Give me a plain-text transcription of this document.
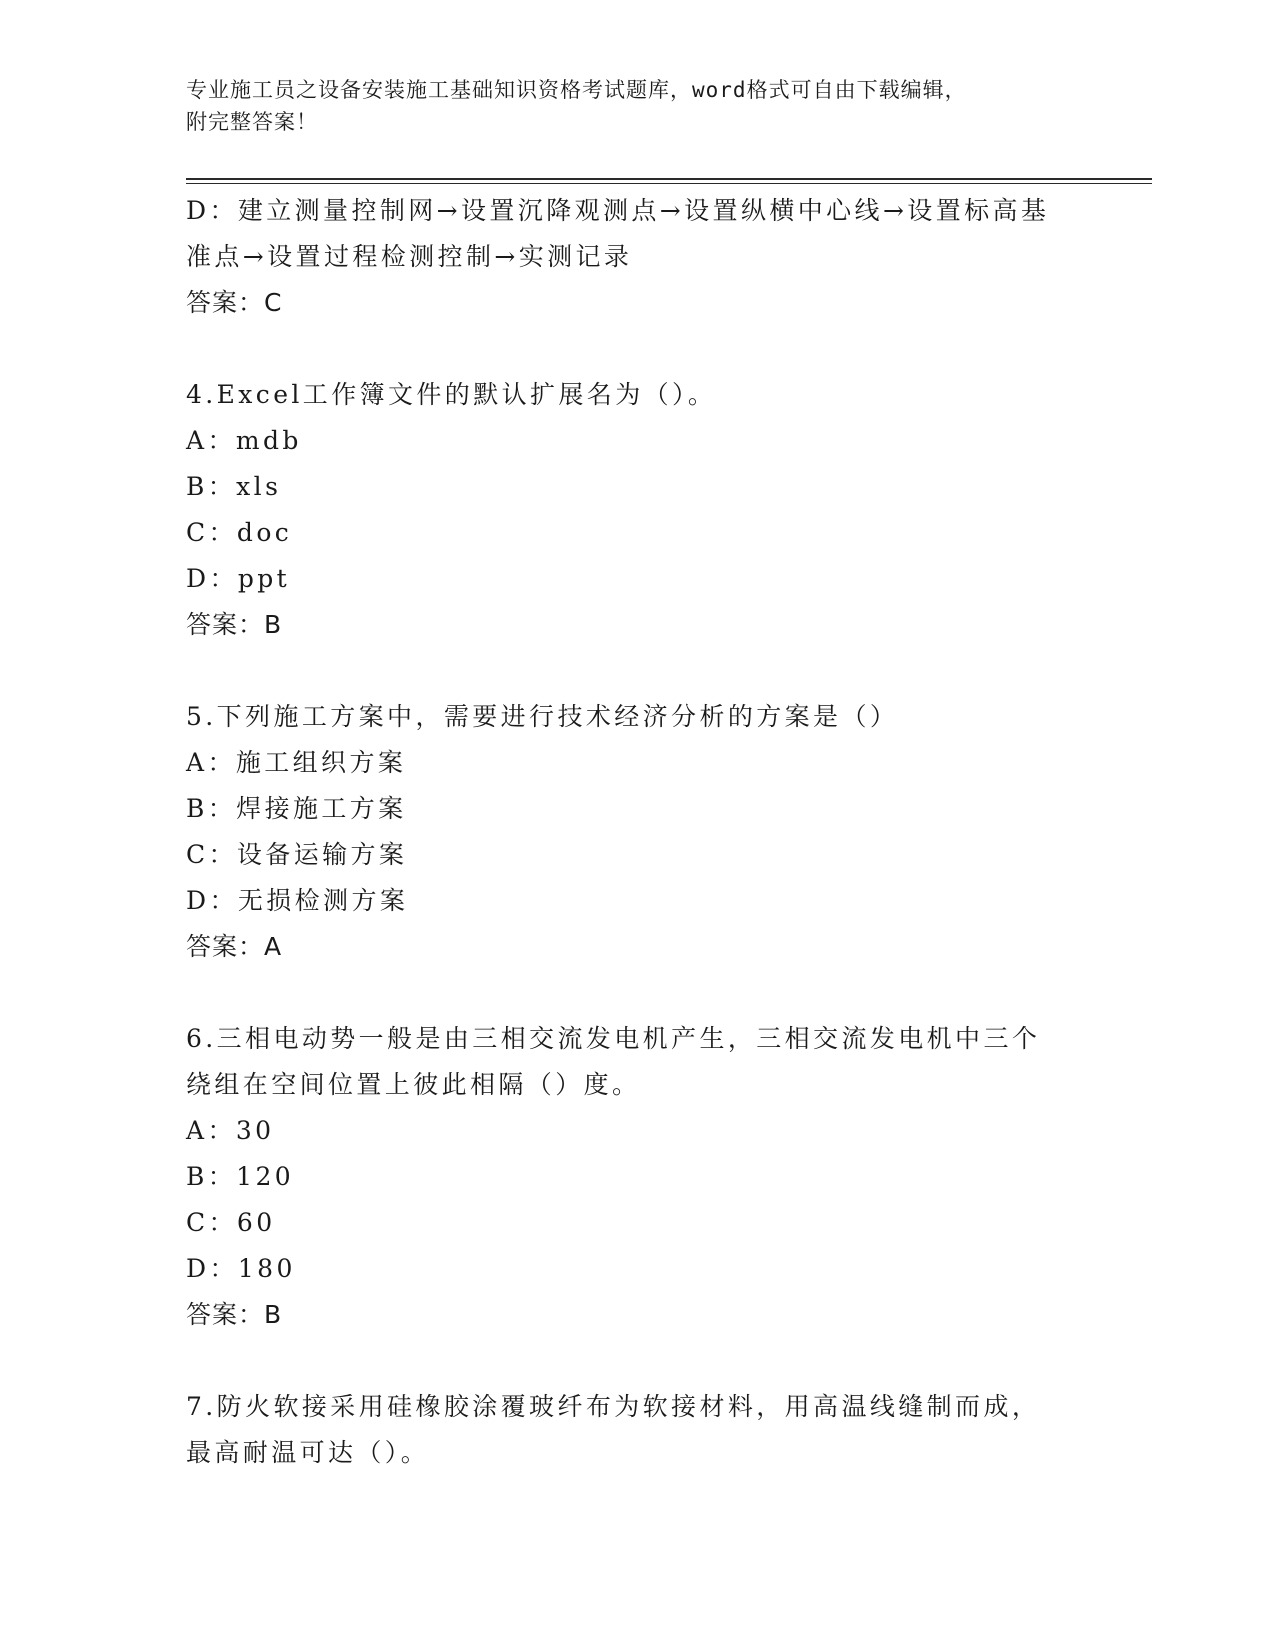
专业施工员之设备安装施工基础知识资格考试题库，word格式可自由下载编辑，
附完整答案！
D：建立测量控制网→设置沉降观测点→设置纵横中心线→设置标高基
准点→设置过程检测控制→实测记录
答案：C
4.Excel工作簿文件的默认扩展名为（）。
A：mdb
B：xls
C：doc
D：ppt
答案：B
5.下列施工方案中，需要进行技术经济分析的方案是（）
A：施工组织方案
B：焊接施工方案
C：设备运输方案
D：无损检测方案
答案：A
6.三相电动势一般是由三相交流发电机产生，三相交流发电机中三个
绕组在空间位置上彼此相隔（）度。
A：30
B：120
C：60
D：180
答案：B
7.防火软接采用硅橡胶涂覆玻纤布为软接材料，用高温线缝制而成，
最高耐温可达（）。
